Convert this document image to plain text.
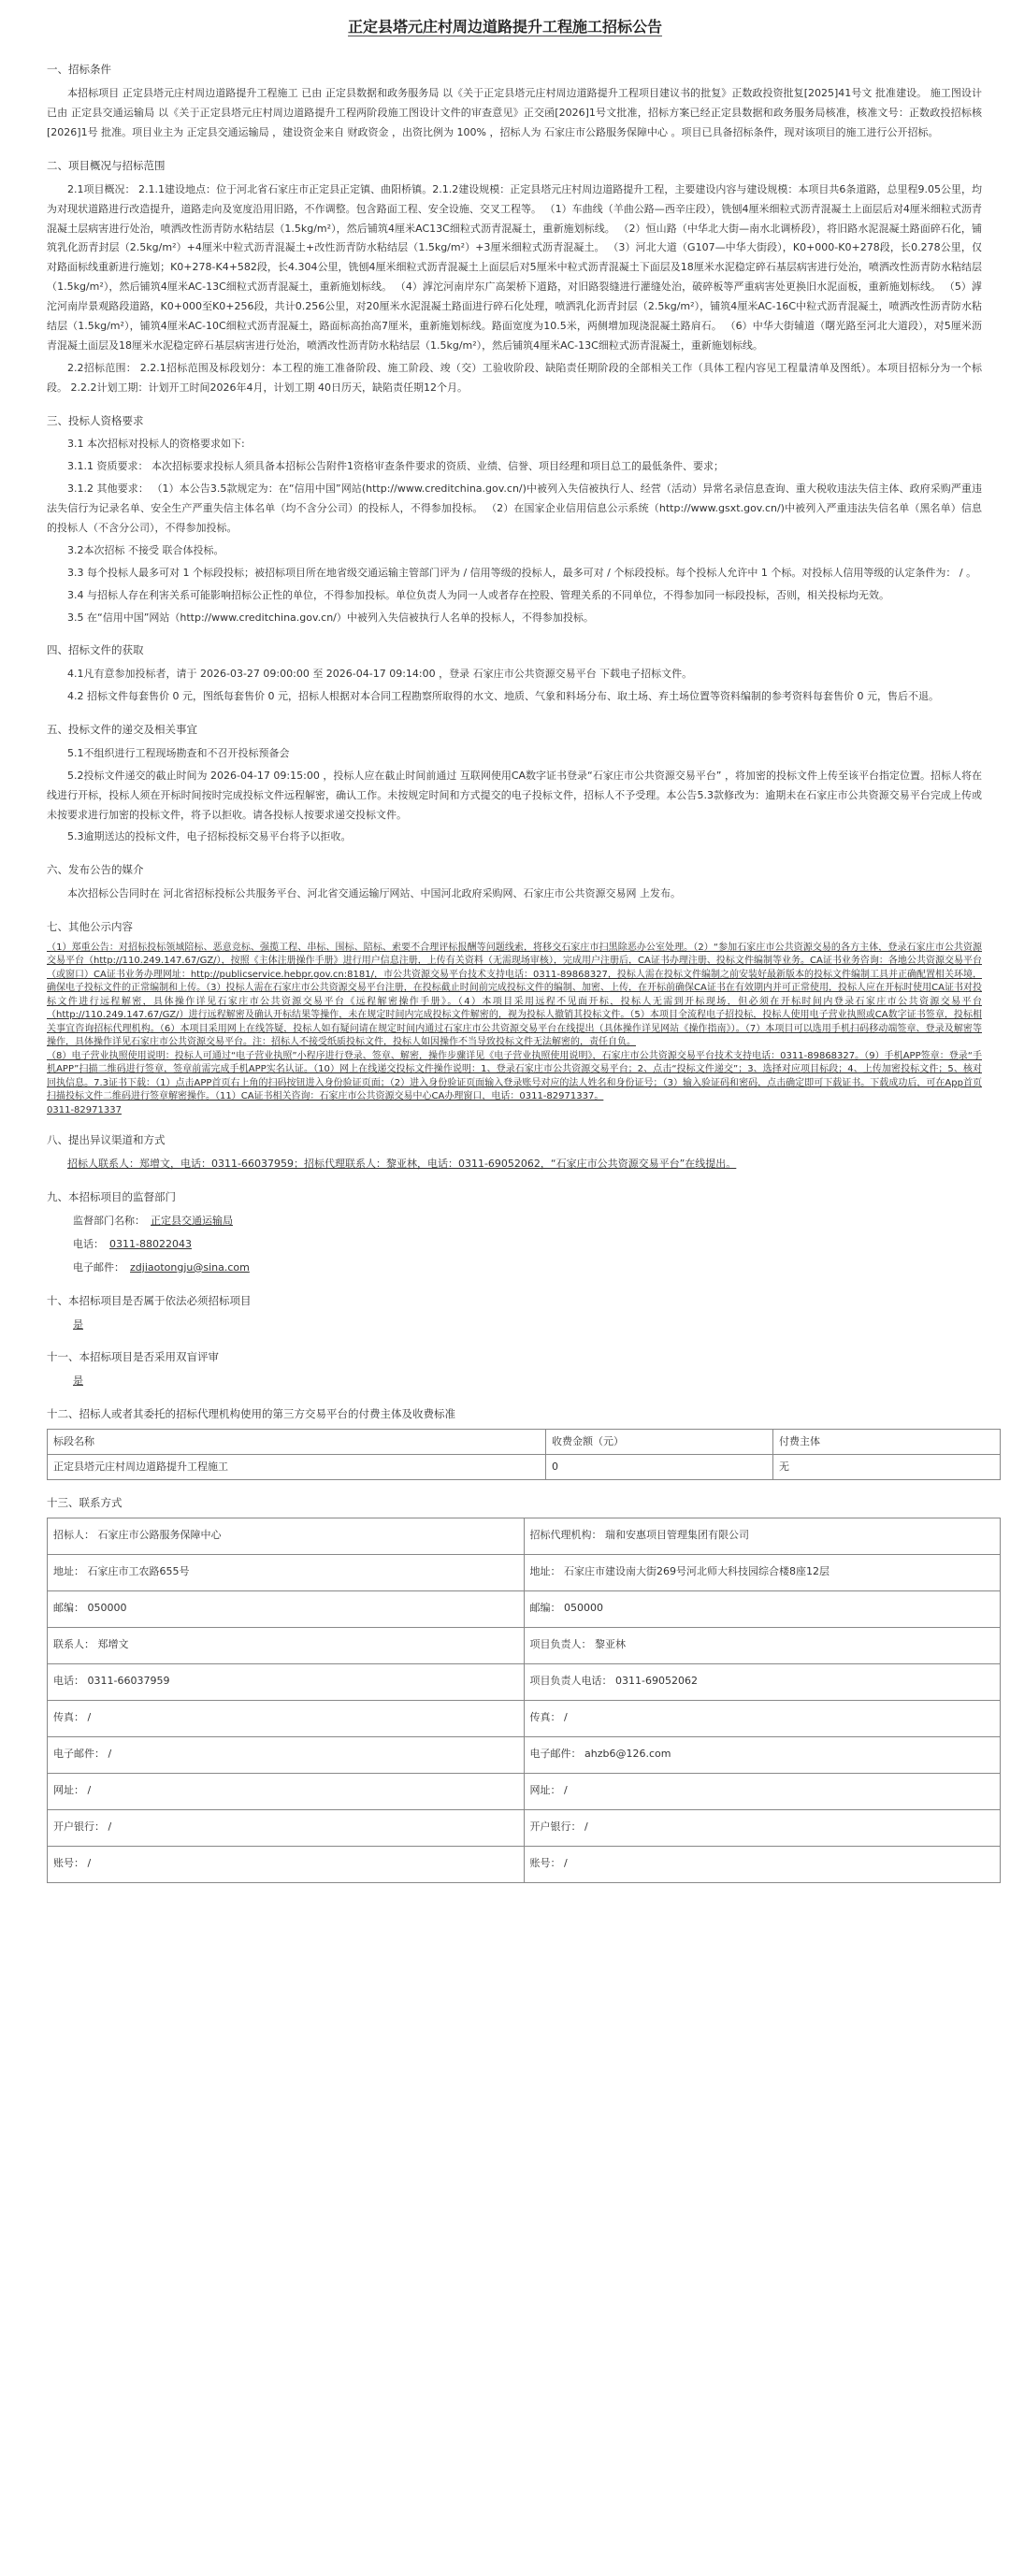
正定县塔元庄村周边道路提升工程施工招标公告
一、招标条件
本招标项目 正定县塔元庄村周边道路提升工程施工 已由 正定县数据和政务服务局 以《关于正定县塔元庄村周边道路提升工程项目建议书的批复》正数政投资批复[2025]41号文 批准建设。 施工图设计已由 正定县交通运输局 以《关于正定县塔元庄村周边道路提升工程两阶段施工图设计文件的审查意见》正交函[2026]1号文批准，招标方案已经正定县数据和政务服务局核准，核准文号：正数政投招标核[2026]1号 批准。项目业主为 正定县交通运输局 ，建设资金来自 财政资金 ，出资比例为 100% ，招标人为 石家庄市公路服务保障中心 。项目已具备招标条件，现对该项目的施工进行公开招标。
二、项目概况与招标范围
2.1项目概况： 2.1.1建设地点：位于河北省石家庄市正定县正定镇、曲阳桥镇。2.1.2建设规模：正定县塔元庄村周边道路提升工程，主要建设内容与建设规模：本项目共6条道路，总里程9.05公里，均为对现状道路进行改造提升，道路走向及宽度沿用旧路，不作调整。包含路面工程、安全设施、交叉工程等。 （1）车曲线（羊曲公路—西辛庄段），铣刨4厘米细粒式沥青混凝土上面层后对4厘米细粒式沥青混凝土层病害进行处治，喷洒改性沥青防水粘结层（1.5kg/m²），然后铺筑4厘米AC13C细粒式沥青混凝土，重新施划标线。 （2）恒山路（中华北大街—南水北调桥段），将旧路水泥混凝土路面碎石化，铺筑乳化沥青封层（2.5kg/m²）+4厘米中粒式沥青混凝土+改性沥青防水粘结层（1.5kg/m²）+3厘米细粒式沥青混凝土。 （3）河北大道（G107—中华大街段），K0+000-K0+278段，长0.278公里，仅对路面标线重新进行施划；K0+278-K4+582段，长4.304公里，铣刨4厘米细粒式沥青混凝土上面层后对5厘米中粒式沥青混凝土下面层及18厘米水泥稳定碎石基层病害进行处治，喷洒改性沥青防水粘结层（1.5kg/m²），然后铺筑4厘米AC-13C细粒式沥青混凝土，重新施划标线。 （4）滹沱河南岸东广高架桥下道路，对旧路裂缝进行灌缝处治，破碎板等严重病害处更换旧水泥面板，重新施划标线。 （5）滹沱河南岸景观路段道路，K0+000至K0+256段，共计0.256公里，对20厘米水泥混凝土路面进行碎石化处理，喷洒乳化沥青封层（2.5kg/m²），铺筑4厘米AC-16C中粒式沥青混凝土，喷洒改性沥青防水粘结层（1.5kg/m²），铺筑4厘米AC-10C细粒式沥青混凝土，路面标高抬高7厘米，重新施划标线。路面宽度为10.5米，两侧增加现浇混凝土路肩石。 （6）中华大街辅道（曙光路至河北大道段），对5厘米沥青混凝土面层及18厘米水泥稳定碎石基层病害进行处治，喷洒改性沥青防水粘结层（1.5kg/m²），然后铺筑4厘米AC-13C细粒式沥青混凝土，重新施划标线。
2.2招标范围： 2.2.1招标范围及标段划分：本工程的施工准备阶段、施工阶段、竣（交）工验收阶段、缺陷责任期阶段的全部相关工作（具体工程内容见工程量清单及图纸）。本项目招标分为一个标段。 2.2.2计划工期：计划开工时间2026年4月，计划工期 40日历天，缺陷责任期12个月。
三、投标人资格要求
3.1 本次招标对投标人的资格要求如下:
3.1.1 资质要求： 本次招标要求投标人须具备本招标公告附件1资格审查条件要求的资质、业绩、信誉、项目经理和项目总工的最低条件、要求；
3.1.2 其他要求： （1）本公告3.5款规定为：在“信用中国”网站(http://www.creditchina.gov.cn/)中被列入失信被执行人、经营（活动）异常名录信息查询、重大税收违法失信主体、政府采购严重违法失信行为记录名单、安全生产严重失信主体名单（均不含分公司）的投标人，不得参加投标。 （2）在国家企业信用信息公示系统（http://www.gsxt.gov.cn/)中被列入严重违法失信名单（黑名单）信息的投标人（不含分公司），不得参加投标。
3.2本次招标 不接受 联合体投标。
3.3 每个投标人最多可对 1 个标段投标；被招标项目所在地省级交通运输主管部门评为 / 信用等级的投标人，最多可对 / 个标段投标。每个投标人允许中 1 个标。对投标人信用等级的认定条件为： / 。
3.4 与招标人存在利害关系可能影响招标公正性的单位，不得参加投标。单位负责人为同一人或者存在控股、管理关系的不同单位，不得参加同一标段投标，否则，相关投标均无效。
3.5 在“信用中国”网站（http://www.creditchina.gov.cn/）中被列入失信被执行人名单的投标人，不得参加投标。
四、招标文件的获取
4.1凡有意参加投标者，请于 2026-03-27 09:00:00 至 2026-04-17 09:14:00 ，登录 石家庄市公共资源交易平台 下载电子招标文件。
4.2 招标文件每套售价 0 元，图纸每套售价 0 元，招标人根据对本合同工程勘察所取得的水文、地质、气象和料场分布、取土场、弃土场位置等资料编制的参考资料每套售价 0 元，售后不退。
五、投标文件的递交及相关事宜
5.1不组织进行工程现场勘查和不召开投标预备会
5.2投标文件递交的截止时间为 2026-04-17 09:15:00 ，投标人应在截止时间前通过 互联网使用CA数字证书登录“石家庄市公共资源交易平台” ，将加密的投标文件上传至该平台指定位置。招标人将在线进行开标，投标人须在开标时间按时完成投标文件远程解密，确认工作。未按规定时间和方式提交的电子投标文件，招标人不予受理。本公告5.3款修改为：逾期未在石家庄市公共资源交易平台完成上传或未按要求进行加密的投标文件，将予以拒收。请各投标人按要求递交投标文件。
5.3逾期送达的投标文件，电子招标投标交易平台将予以拒收。
六、发布公告的媒介
本次招标公告同时在 河北省招标投标公共服务平台、河北省交通运输厅网站、中国河北政府采购网、石家庄市公共资源交易网 上发布。
七、其他公示内容
（1）郑重公告：对招标投标领域陪标、恶意竞标、强揽工程、串标、围标、陪标、索要不合理评标报酬等问题线索，将移交石家庄市扫黑除恶办公室处理。（2）“参加石家庄市公共资源交易的各方主体，登录石家庄市公共资源交易平台（http://110.249.147.67/GZ/），按照《主体注册操作手册》进行用户信息注册，上传有关资料（无需现场审核），完成用户注册后，CA证书办理注册、投标文件编制等业务。CA证书业务咨询：各地公共资源交易平台（或窗口）CA证书业务办理网址：http://publicservice.hebpr.gov.cn:8181/，市公共资源交易平台技术支持电话：0311-89868327，投标人需在投标文件编制之前安装好最新版本的投标文件编制工具并正确配置相关环境，确保电子投标文件的正常编制和上传。（3）投标人需在石家庄市公共资源交易平台注册，在投标截止时间前完成投标文件的编制、加密、上传，在开标前确保CA证书在有效期内并可正常使用，投标人应在开标时使用CA证书对投标文件进行远程解密，具体操作详见石家庄市公共资源交易平台《远程解密操作手册》。（4）本项目采用远程不见面开标，投标人无需到开标现场，但必须在开标时间内登录石家庄市公共资源交易平台（http://110.249.147.67/GZ/）进行远程解密及确认开标结果等操作，未在规定时间内完成投标文件解密的，视为投标人撤销其投标文件。（5）本项目全流程电子招投标，投标人使用电子营业执照或CA数字证书签章，投标相关事宜咨询招标代理机构。（6）本项目采用网上在线答疑，投标人如有疑问请在规定时间内通过石家庄市公共资源交易平台在线提出（具体操作详见网站《操作指南》）。（7）本项目可以选用手机扫码移动端签章、登录及解密等操作，具体操作详见石家庄市公共资源交易平台。注：招标人不接受纸质投标文件，投标人如因操作不当导致投标文件无法解密的，责任自负。
（8）电子营业执照使用说明：投标人可通过“电子营业执照”小程序进行登录、签章、解密，操作步骤详见《电子营业执照使用说明》，石家庄市公共资源交易平台技术支持电话：0311-89868327。（9）手机APP签章：登录“手机APP”扫描二维码进行签章，签章前需完成手机APP实名认证。（10）网上在线递交投标文件操作说明：1、登录石家庄市公共资源交易平台；2、点击“投标文件递交”；3、选择对应项目标段；4、上传加密投标文件；5、核对回执信息。7.3证书下载：（1）点击APP首页右上角的扫码按钮进入身份验证页面；（2）进入身份验证页面输入登录账号对应的法人姓名和身份证号；（3）输入验证码和密码，点击确定即可下载证书。下载成功后，可在App首页扫描投标文件二维码进行签章解密操作。（11）CA证书相关咨询：石家庄市公共资源交易中心CA办理窗口，电话：0311-82971337。
0311-82971337
八、提出异议渠道和方式
招标人联系人：郑增文，电话：0311-66037959；招标代理联系人：黎亚林，电话：0311-69052062，“石家庄市公共资源交易平台”在线提出。
九、本招标项目的监督部门
监督部门名称： 正定县交通运输局
电话： 0311-88022043
电子邮件： zdjiaotongju@sina.com
十、本招标项目是否属于依法必须招标项目
是
十一、本招标项目是否采用双盲评审
是
十二、招标人或者其委托的招标代理机构使用的第三方交易平台的付费主体及收费标准
标段名称	收费金额（元）	付费主体
正定县塔元庄村周边道路提升工程施工	0	无
十三、联系方式
招标人： 石家庄市公路服务保障中心	招标代理机构： 瑞和安惠项目管理集团有限公司
地址： 石家庄市工农路655号	地址： 石家庄市建设南大街269号河北师大科技园综合楼8座12层
邮编： 050000	邮编： 050000
联系人： 郑增文	项目负责人： 黎亚林
电话： 0311-66037959	项目负责人电话： 0311-69052062
传真： /	传真： /
电子邮件： /	电子邮件： ahzb6@126.com
网址： /	网址： /
开户银行： /	开户银行： /
账号： /	账号： /
